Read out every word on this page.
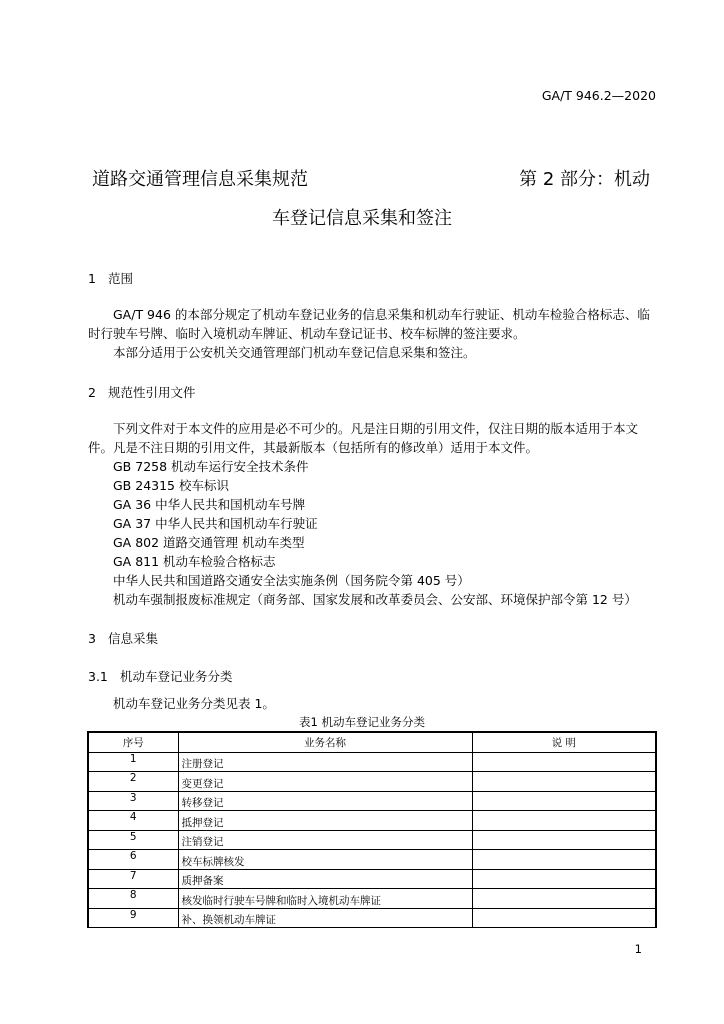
GA/T 946.2—2020
道路交通管理信息采集规范	第 2 部分：机动
车登记信息采集和签注
1 范围
GA/T 946 的本部分规定了机动车登记业务的信息采集和机动车行驶证、机动车检验合格标志、临时行驶车号牌、临时入境机动车牌证、机动车登记证书、校车标牌的签注要求。
本部分适用于公安机关交通管理部门机动车登记信息采集和签注。
2 规范性引用文件
下列文件对于本文件的应用是必不可少的。凡是注日期的引用文件，仅注日期的版本适用于本文件。凡是不注日期的引用文件，其最新版本（包括所有的修改单）适用于本文件。
GB 7258 机动车运行安全技术条件
GB 24315 校车标识
GA 36 中华人民共和国机动车号牌
GA 37 中华人民共和国机动车行驶证
GA 802 道路交通管理 机动车类型
GA 811 机动车检验合格标志
中华人民共和国道路交通安全法实施条例（国务院令第 405 号）
机动车强制报废标准规定（商务部、国家发展和改革委员会、公安部、环境保护部令第 12 号）
3 信息采集
3.1 机动车登记业务分类
机动车登记业务分类见表 1。
表1 机动车登记业务分类
序号	业务名称	说 明
1	注册登记	
2	变更登记	
3	转移登记	
4	抵押登记	
5	注销登记	
6	校车标牌核发	
7	质押备案	
8	核发临时行驶车号牌和临时入境机动车牌证	
9	补、换领机动车牌证	
1
